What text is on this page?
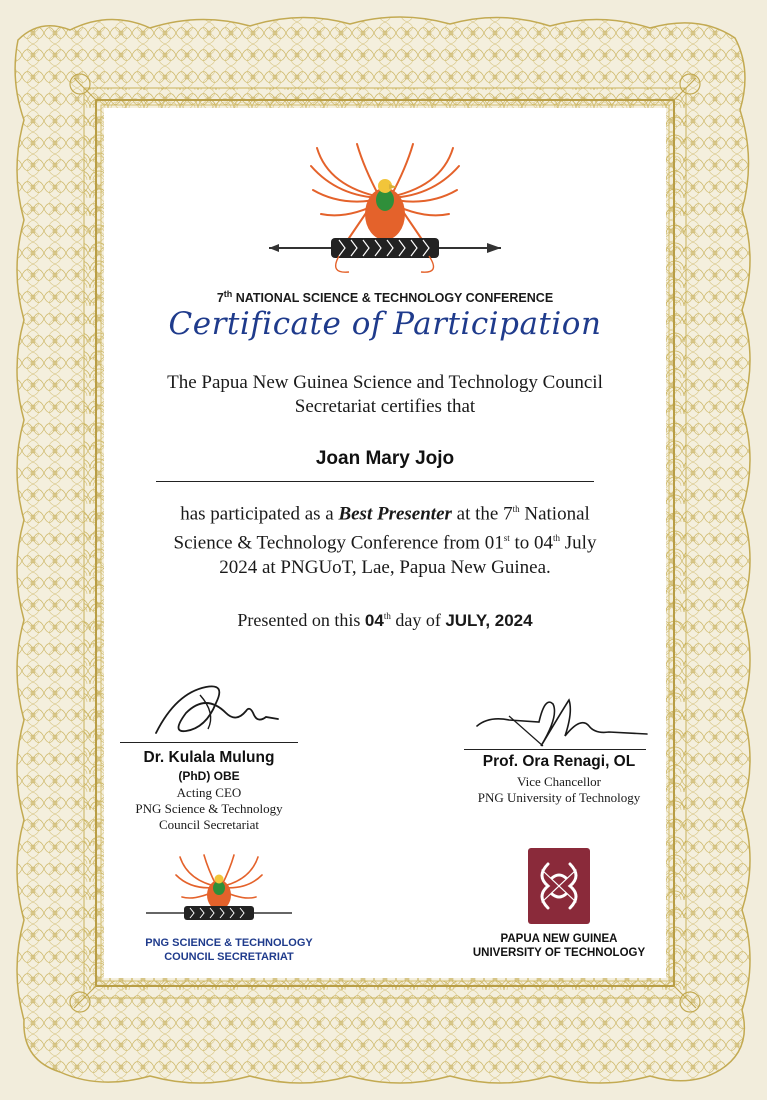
7th NATIONAL SCIENCE & TECHNOLOGY CONFERENCE
Certificate of Participation
The Papua New Guinea Science and Technology Council
Secretariat certifies that
Joan Mary Jojo
has participated as a Best Presenter at the 7th National
Science & Technology Conference from 01st to 04th July
2024 at PNGUoT, Lae, Papua New Guinea.
Presented on this 04th day of JULY, 2024
Dr. Kulala Mulung
(PhD) OBE
Acting CEO
PNG Science & Technology
Council Secretariat
Prof. Ora Renagi, OL
Vice Chancellor
PNG University of Technology
PNG SCIENCE & TECHNOLOGY
COUNCIL SECRETARIAT
PAPUA NEW GUINEA
UNIVERSITY OF TECHNOLOGY
